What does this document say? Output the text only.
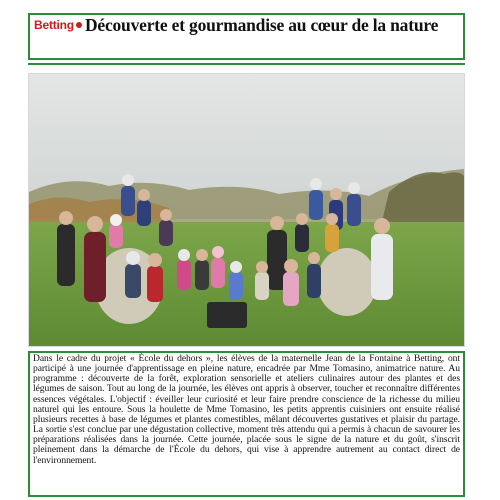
Betting Découverte et gourmandise au cœur de la nature

Dans le cadre du projet « École du dehors », les élèves de la maternelle Jean de la Fontaine à Betting, ont participé à une journée d'apprentissage en pleine nature, encadrée par Mme Tomasino, animatrice nature. Au programme : découverte de la forêt, exploration sensorielle et ateliers culinaires autour des plantes et des légumes de saison. Tout au long de la journée, les élèves ont appris à observer, toucher et reconnaître différentes essences végétales. L'objectif : éveiller leur curiosité et leur faire prendre conscience de la richesse du milieu naturel qui les entoure. Sous la houlette de Mme Tomasino, les petits apprentis cuisiniers ont ensuite réalisé plusieurs recettes à base de légumes et plantes comestibles, mêlant découvertes gustatives et plaisir du partage. La sortie s'est conclue par une dégustation collective, moment très attendu qui a permis à chacun de savourer les préparations réalisées dans la journée. Cette journée, placée sous le signe de la nature et du goût, s'inscrit pleinement dans la démarche de l'École du dehors, qui vise à apprendre autrement au contact direct de l'environnement.
